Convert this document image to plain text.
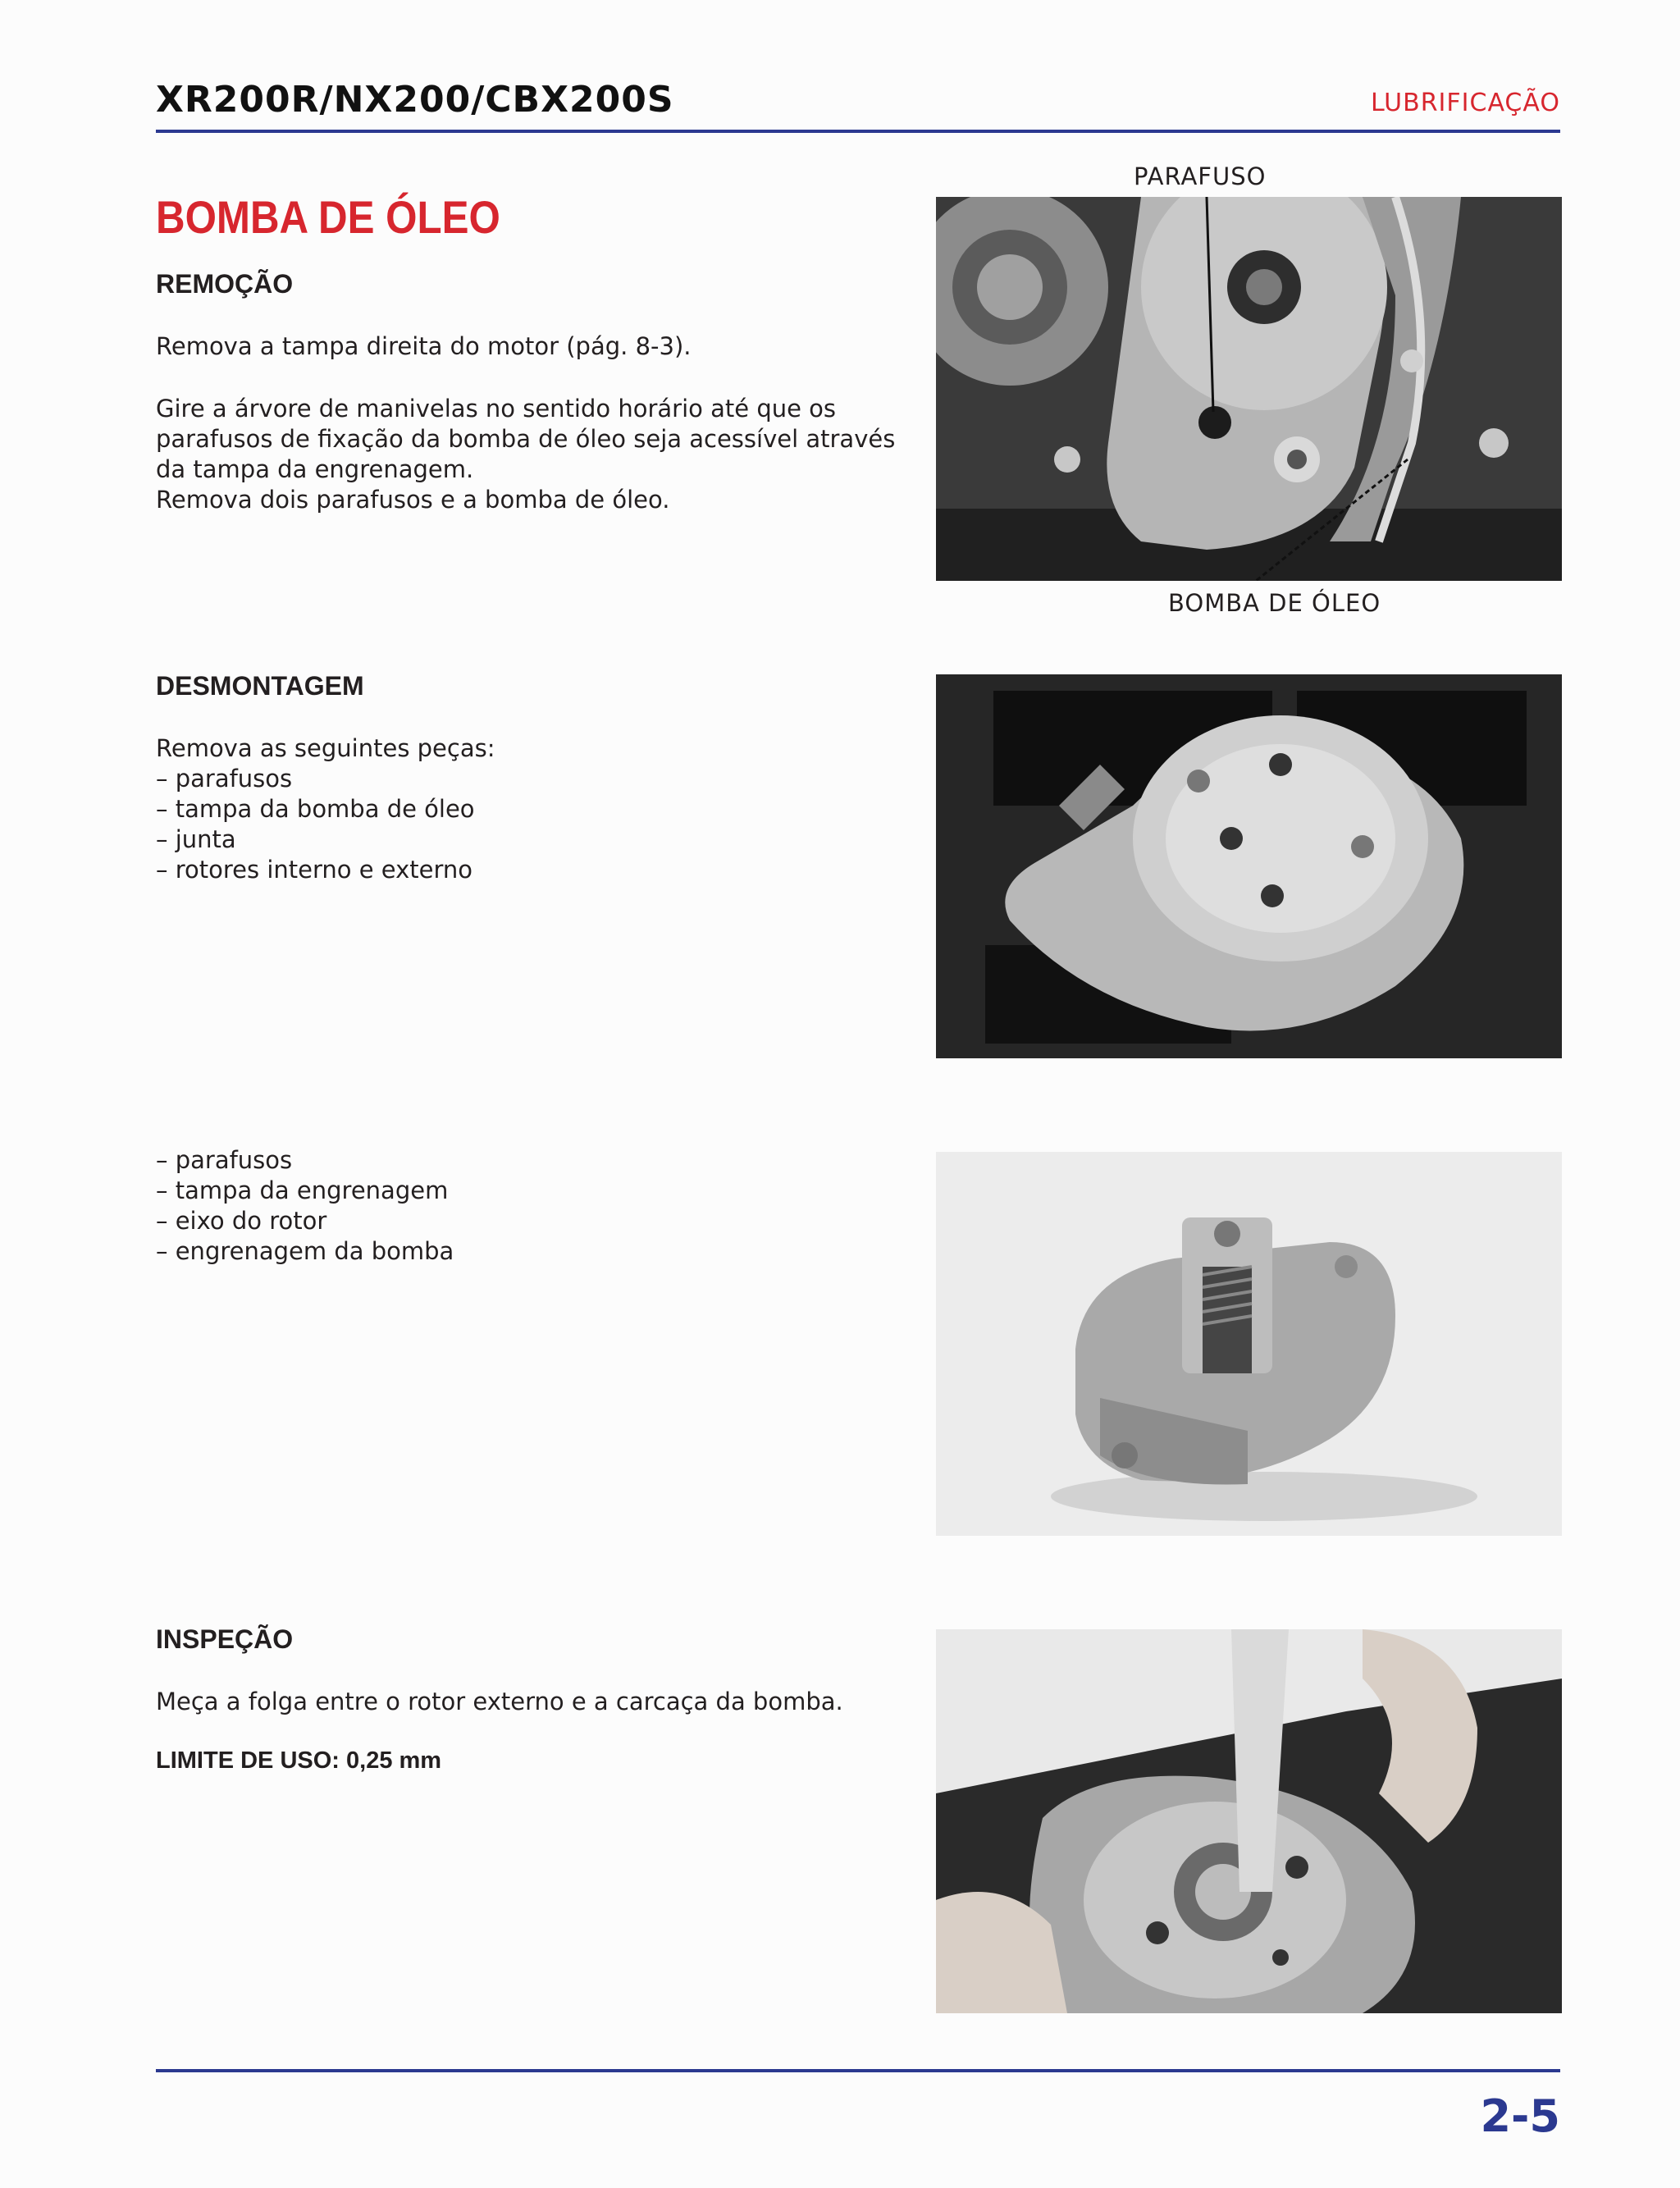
XR200R/NX200/CBX200S	LUBRIFICAÇÃO
BOMBA DE ÓLEO
REMOÇÃO
Remova a tampa direita do motor (pág. 8-3).
Gire a árvore de manivelas no sentido horário até que os
parafusos de fixação da bomba de óleo seja acessível através
da tampa da engrenagem.
Remova dois parafusos e a bomba de óleo.
PARAFUSO
BOMBA DE ÓLEO
DESMONTAGEM
Remova as seguintes peças:
– parafusos
– tampa da bomba de óleo
– junta
– rotores interno e externo
– parafusos
– tampa da engrenagem
– eixo do rotor
– engrenagem da bomba
INSPEÇÃO
Meça a folga entre o rotor externo e a carcaça da bomba.
LIMITE DE USO: 0,25 mm
2-5
